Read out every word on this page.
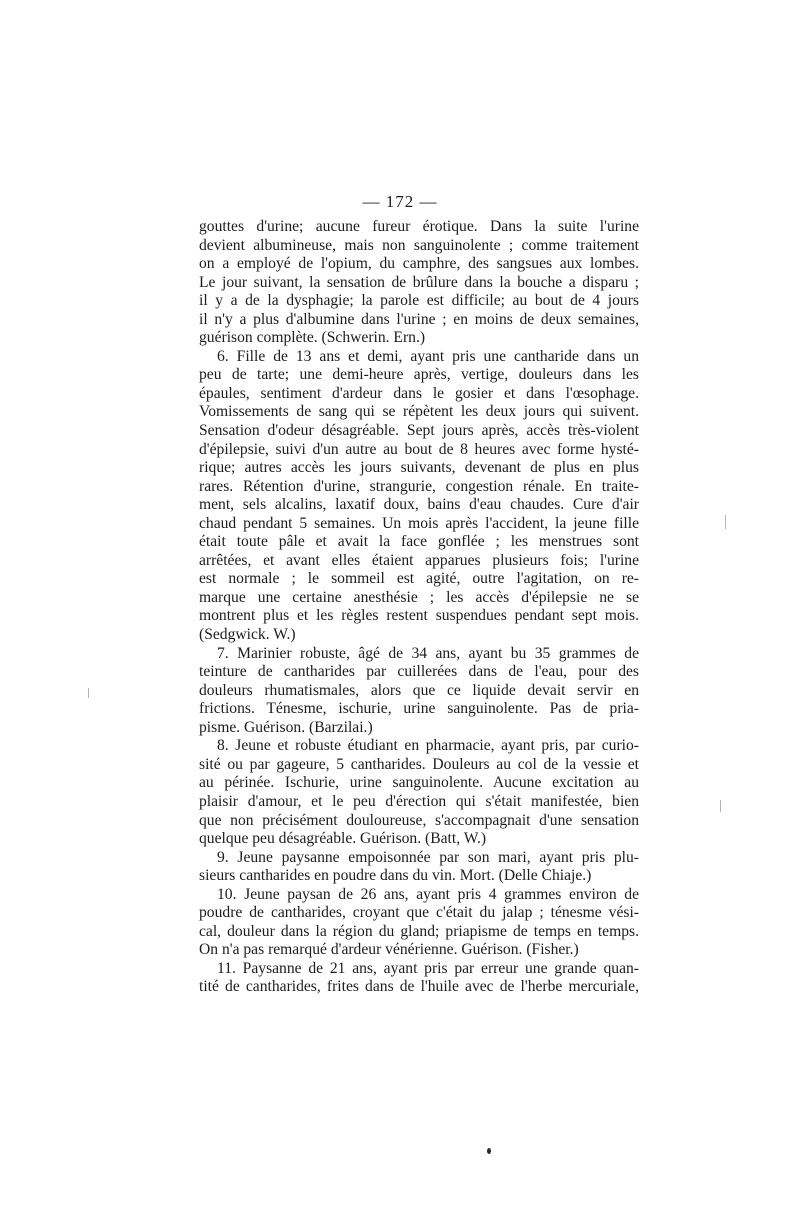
— 172 —
gouttes d'urine; aucune fureur érotique. Dans la suite l'urine
devient albumineuse, mais non sanguinolente ; comme traitement
on a employé de l'opium, du camphre, des sangsues aux lombes.
Le jour suivant, la sensation de brûlure dans la bouche a disparu ;
il y a de la dysphagie; la parole est difficile; au bout de 4 jours
il n'y a plus d'albumine dans l'urine ; en moins de deux semaines,
guérison complète. (Schwerin. Ern.)
6. Fille de 13 ans et demi, ayant pris une cantharide dans un
peu de tarte; une demi-heure après, vertige, douleurs dans les
épaules, sentiment d'ardeur dans le gosier et dans l'œsophage.
Vomissements de sang qui se répètent les deux jours qui suivent.
Sensation d'odeur désagréable. Sept jours après, accès très-violent
d'épilepsie, suivi d'un autre au bout de 8 heures avec forme hysté-
rique; autres accès les jours suivants, devenant de plus en plus
rares. Rétention d'urine, strangurie, congestion rénale. En traite-
ment, sels alcalins, laxatif doux, bains d'eau chaudes. Cure d'air
chaud pendant 5 semaines. Un mois après l'accident, la jeune fille
était toute pâle et avait la face gonflée ; les menstrues sont
arrêtées, et avant elles étaient apparues plusieurs fois; l'urine
est normale ; le sommeil est agité, outre l'agitation, on re-
marque une certaine anesthésie ; les accès d'épilepsie ne se
montrent plus et les règles restent suspendues pendant sept mois.
(Sedgwick. W.)
7. Marinier robuste, âgé de 34 ans, ayant bu 35 grammes de
teinture de cantharides par cuillerées dans de l'eau, pour des
douleurs rhumatismales, alors que ce liquide devait servir en
frictions. Ténesme, ischurie, urine sanguinolente. Pas de pria-
pisme. Guérison. (Barzilai.)
8. Jeune et robuste étudiant en pharmacie, ayant pris, par curio-
sité ou par gageure, 5 cantharides. Douleurs au col de la vessie et
au périnée. Ischurie, urine sanguinolente. Aucune excitation au
plaisir d'amour, et le peu d'érection qui s'était manifestée, bien
que non précisément douloureuse, s'accompagnait d'une sensation
quelque peu désagréable. Guérison. (Batt, W.)
9. Jeune paysanne empoisonnée par son mari, ayant pris plu-
sieurs cantharides en poudre dans du vin. Mort. (Delle Chiaje.)
10. Jeune paysan de 26 ans, ayant pris 4 grammes environ de
poudre de cantharides, croyant que c'était du jalap ; ténesme vési-
cal, douleur dans la région du gland; priapisme de temps en temps.
On n'a pas remarqué d'ardeur vénérienne. Guérison. (Fisher.)
11. Paysanne de 21 ans, ayant pris par erreur une grande quan-
tité de cantharides, frites dans de l'huile avec de l'herbe mercuriale,
